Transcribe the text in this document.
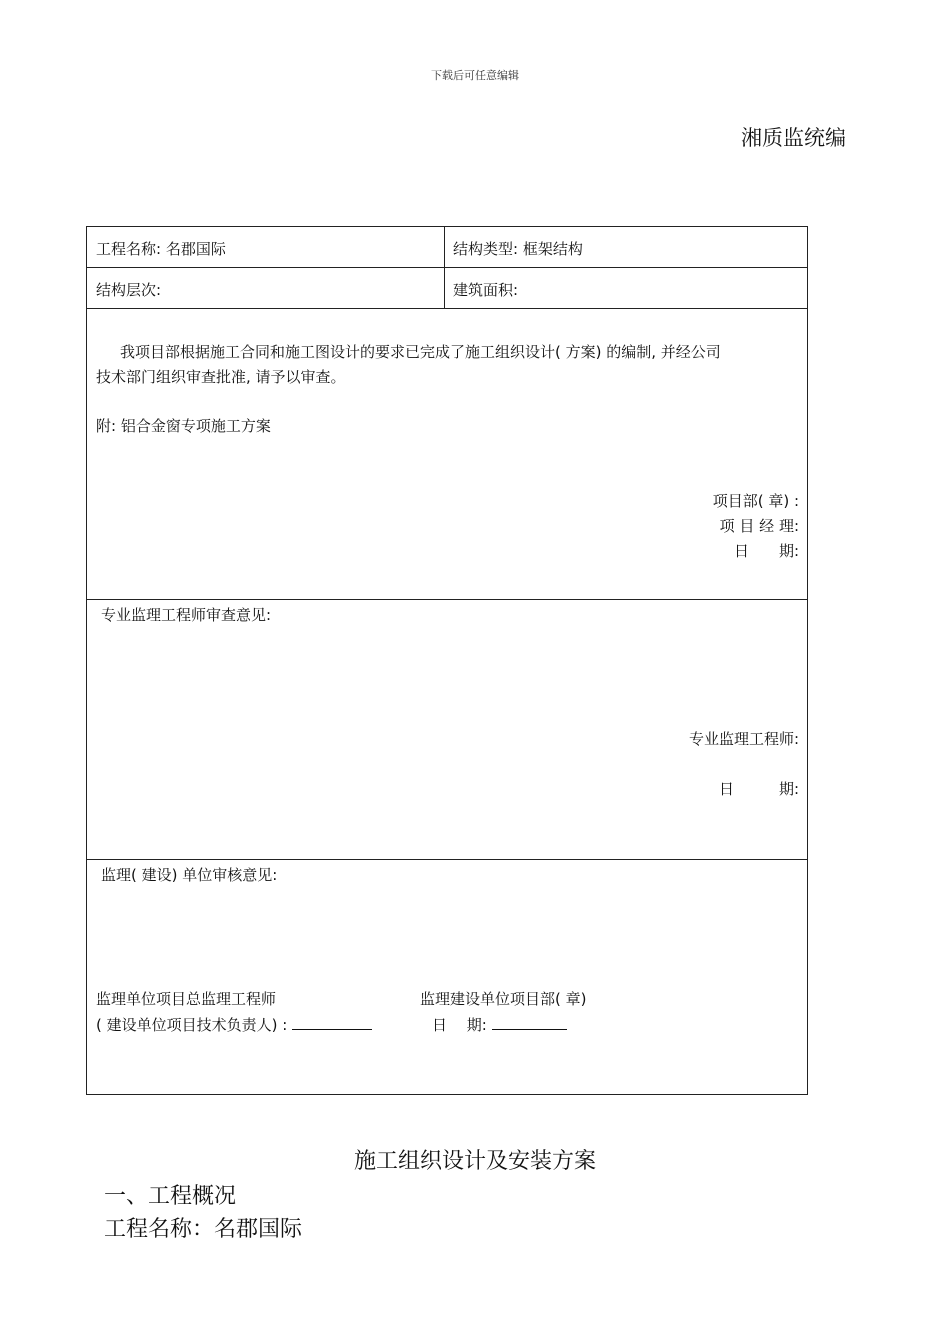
下载后可任意编辑
湘质监统编
工程名称: 名郡国际	结构类型: 框架结构
结构层次:	建筑面积:
我项目部根据施工合同和施工图设计的要求已完成了施工组织设计( 方案) 的编制, 并经公司
技术部门组织审查批准, 请予以审查。
附: 铝合金窗专项施工方案
项目部( 章) :
项 目 经 理:
日　　期:
专业监理工程师审查意见:
专业监理工程师:
日　　　期:
监理( 建设) 单位审核意见:
监理单位项目总监理工程师
( 建设单位项目技术负责人) :
监理建设单位项目部( 章)
日　 期:
施工组织设计及安装方案
一、工程概况
工程名称：名郡国际
